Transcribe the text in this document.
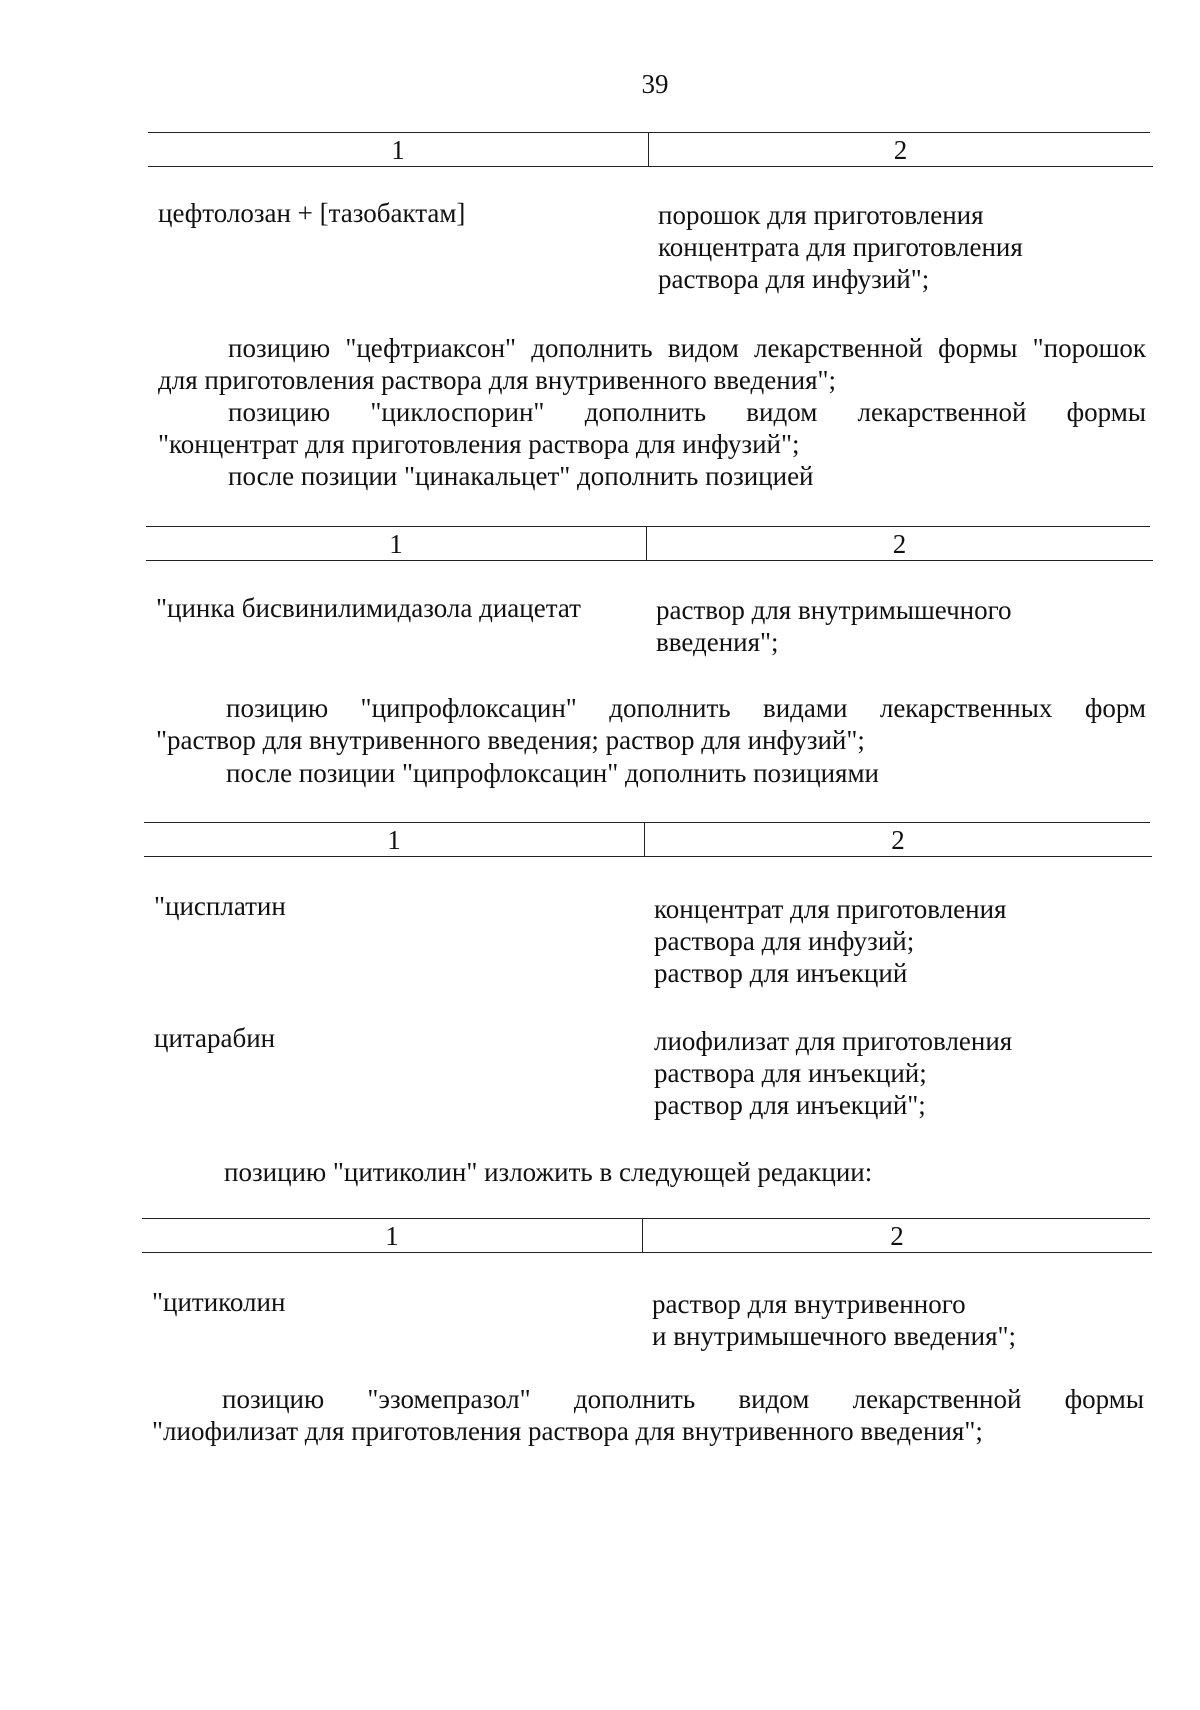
39
1	2
цефтолозан + [тазобактам]	порошок для приготовления
концентрата для приготовления
раствора для инфузий";
позицию "цефтриаксон" дополнить видом лекарственной формы "порошок
для приготовления раствора для внутривенного введения";
позицию "циклоспорин" дополнить видом лекарственной формы
"концентрат для приготовления раствора для инфузий";
после позиции "цинакальцет" дополнить позицией
1	2
"цинка бисвинилимидазола диацетат	раствор для внутримышечного
введения";
позицию "ципрофлоксацин" дополнить видами лекарственных форм
"раствор для внутривенного введения; раствор для инфузий";
после позиции "ципрофлоксацин" дополнить позициями
1	2
"цисплатин	концентрат для приготовления
раствора для инфузий;
раствор для инъекций
цитарабин	лиофилизат для приготовления
раствора для инъекций;
раствор для инъекций";
позицию "цитиколин" изложить в следующей редакции:
1	2
"цитиколин	раствор для внутривенного
и внутримышечного введения";
позицию "эзомепразол" дополнить видом лекарственной формы
"лиофилизат для приготовления раствора для внутривенного введения";
